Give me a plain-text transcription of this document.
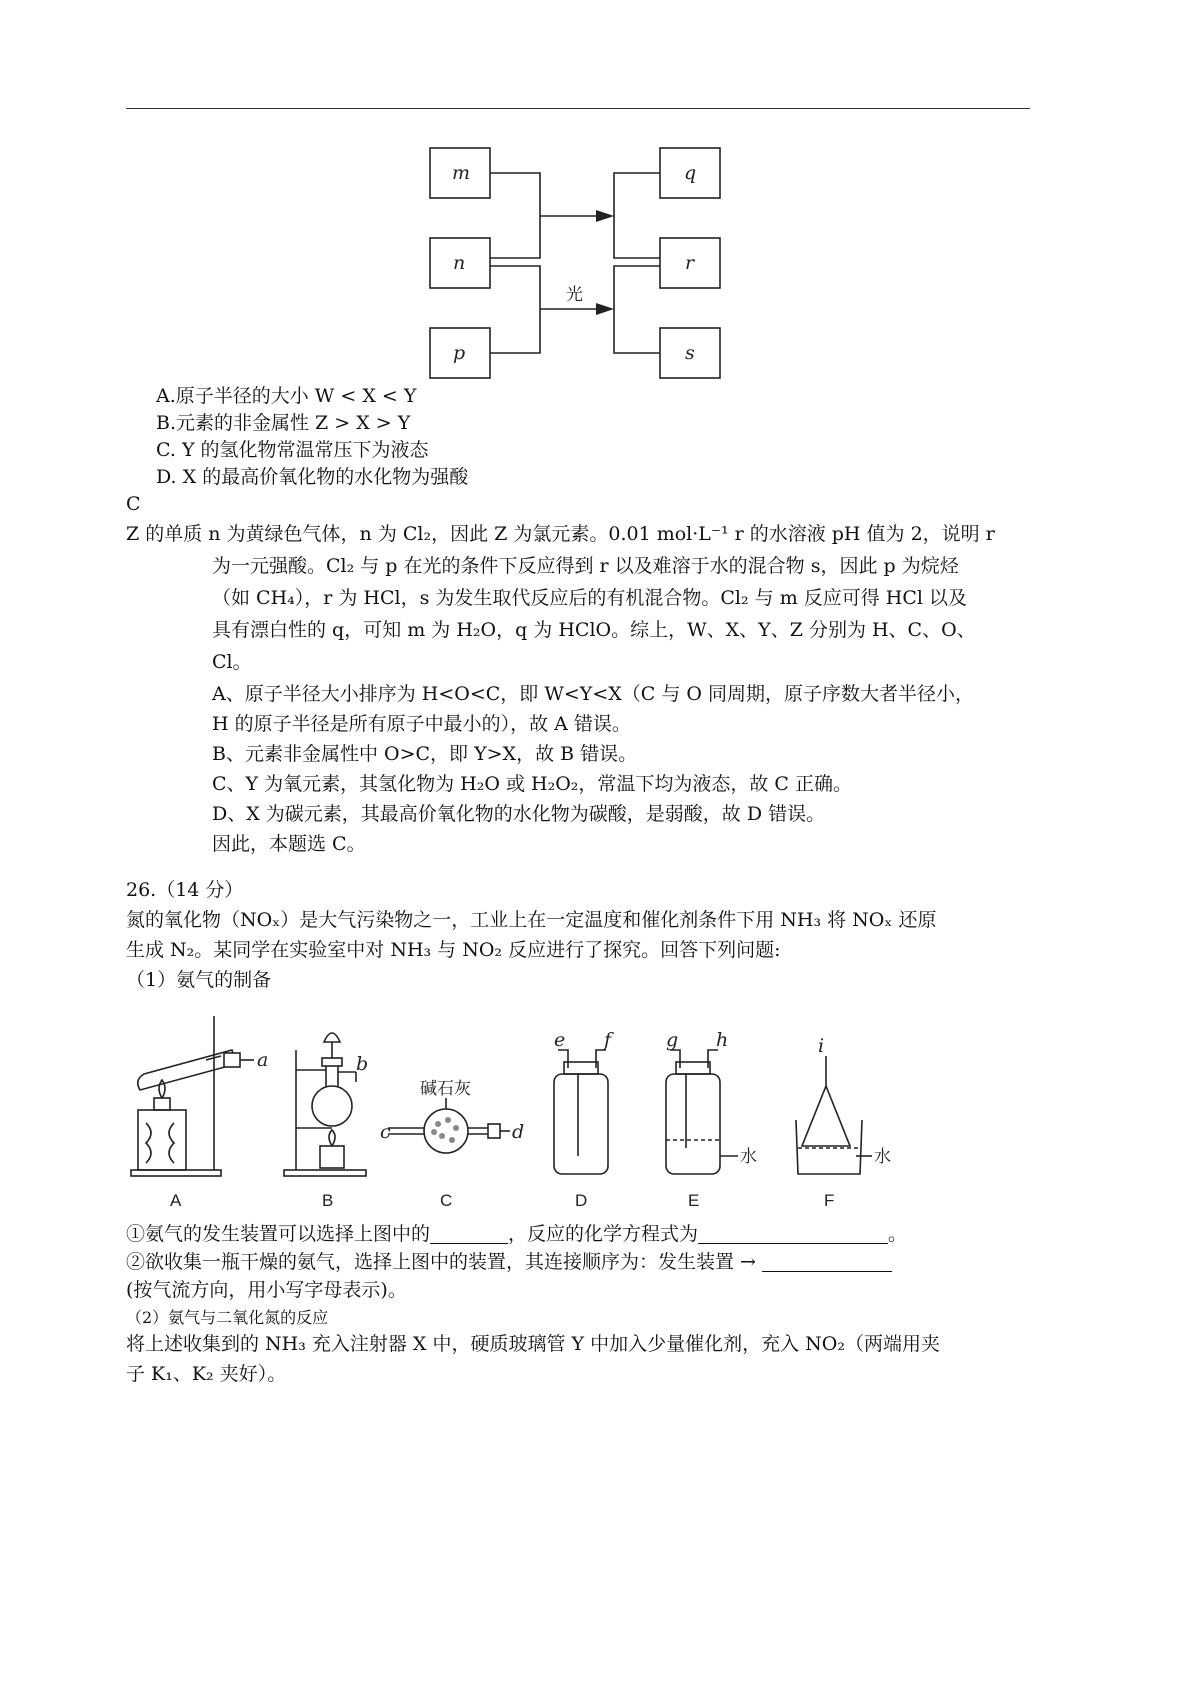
m
n
p
q
r
s
光
A.原子半径的大小 W < X < Y
B.元素的非金属性 Z > X > Y
C. Y 的氢化物常温常压下为液态
D. X 的最高价氧化物的水化物为强酸
C
Z 的单质 n 为黄绿色气体，n 为 Cl₂，因此 Z 为氯元素。0.01 mol·L⁻¹ r 的水溶液 pH 值为 2，说明 r
为一元强酸。Cl₂ 与 p 在光的条件下反应得到 r 以及难溶于水的混合物 s，因此 p 为烷烃
（如 CH₄），r 为 HCl，s 为发生取代反应后的有机混合物。Cl₂ 与 m 反应可得 HCl 以及
具有漂白性的 q，可知 m 为 H₂O，q 为 HClO。综上，W、X、Y、Z 分别为 H、C、O、
Cl。
A、原子半径大小排序为 H<O<C，即 W<Y<X（C 与 O 同周期，原子序数大者半径小，
H 的原子半径是所有原子中最小的），故 A 错误。
B、元素非金属性中 O>C，即 Y>X，故 B 错误。
C、Y 为氧元素，其氢化物为 H₂O 或 H₂O₂，常温下均为液态，故 C 正确。
D、X 为碳元素，其最高价氧化物的水化物为碳酸，是弱酸，故 D 错误。
因此，本题选 C。
26.（14 分）
氮的氧化物（NOₓ）是大气污染物之一，工业上在一定温度和催化剂条件下用 NH₃ 将 NOₓ 还原
生成 N₂。某同学在实验室中对 NH₃ 与 NO₂ 反应进行了探究。回答下列问题:
（1）氨气的制备
a	b
c	d
e f	g h	i
碱石灰
水	水
A	B	C	D	E	F
①氨气的发生装置可以选择上图中的	，反应的化学方程式为	。
②欲收集一瓶干燥的氨气，选择上图中的装置，其连接顺序为：发生装置 →
(按气流方向，用小写字母表示)。
（2）氨气与二氧化氮的反应
将上述收集到的 NH₃ 充入注射器 X 中，硬质玻璃管 Y 中加入少量催化剂，充入 NO₂（两端用夹
子 K₁、K₂ 夹好）。
